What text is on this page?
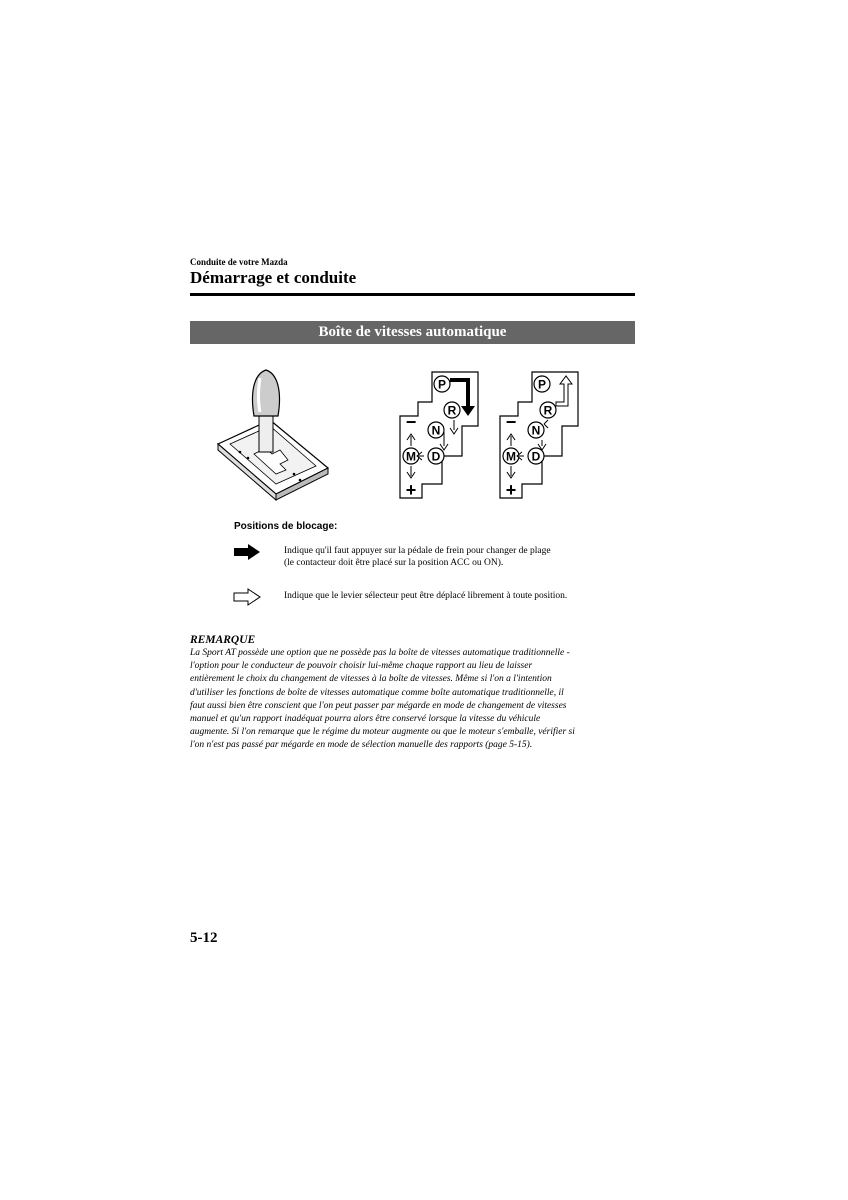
Conduite de votre Mazda
Démarrage et conduite
Boîte de vitesses automatique
P
R
N
D
M
−
+
P
R
N
D
M
−
+
Positions de blocage:
Indique qu'il faut appuyer sur la pédale de frein pour changer de plage
(le contacteur doit être placé sur la position ACC ou ON).
Indique que le levier sélecteur peut être déplacé librement à toute position.
REMARQUE
La Sport AT possède une option que ne possède pas la boîte de vitesses automatique traditionnelle -
l'option pour le conducteur de pouvoir choisir lui-même chaque rapport au lieu de laisser
entièrement le choix du changement de vitesses à la boîte de vitesses. Même si l'on a l'intention
d'utiliser les fonctions de boîte de vitesses automatique comme boîte automatique traditionnelle, il
faut aussi bien être conscient que l'on peut passer par mégarde en mode de changement de vitesses
manuel et qu'un rapport inadéquat pourra alors être conservé lorsque la vitesse du véhicule
augmente. Si l'on remarque que le régime du moteur augmente ou que le moteur s'emballe, vérifier si
l'on n'est pas passé par mégarde en mode de sélection manuelle des rapports (page 5-15).
5-12
